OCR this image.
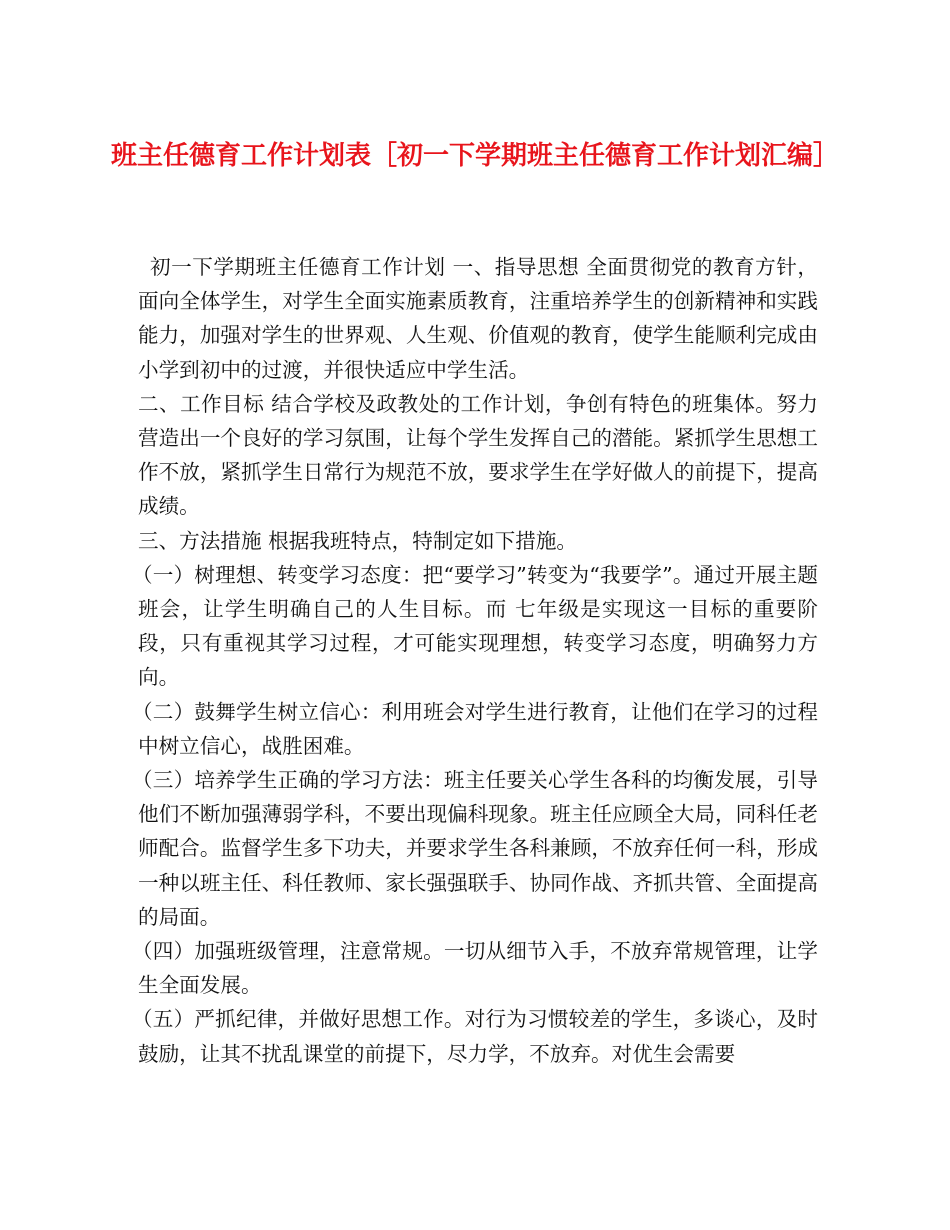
班主任德育工作计划表［初一下学期班主任德育工作计划汇编］

初一下学期班主任德育工作计划 一、指导思想 全面贯彻党的教育方针，面向全体学生，对学生全面实施素质教育，注重培养学生的创新精神和实践能力，加强对学生的世界观、人生观、价值观的教育，使学生能顺利完成由小学到初中的过渡，并很快适应中学生活。

二、工作目标 结合学校及政教处的工作计划，争创有特色的班集体。努力营造出一个良好的学习氛围，让每个学生发挥自己的潜能。紧抓学生思想工作不放，紧抓学生日常行为规范不放，要求学生在学好做人的前提下，提高成绩。

三、方法措施 根据我班特点，特制定如下措施。

（一）树理想、转变学习态度：把“要学习”转变为“我要学”。通过开展主题班会，让学生明确自己的人生目标。而 七年级是实现这一目标的重要阶段，只有重视其学习过程，才可能实现理想，转变学习态度，明确努力方向。

（二）鼓舞学生树立信心：利用班会对学生进行教育，让他们在学习的过程中树立信心，战胜困难。

（三）培养学生正确的学习方法：班主任要关心学生各科的均衡发展，引导他们不断加强薄弱学科，不要出现偏科现象。班主任应顾全大局，同科任老师配合。监督学生多下功夫，并要求学生各科兼顾，不放弃任何一科，形成一种以班主任、科任教师、家长强强联手、协同作战、齐抓共管、全面提高的局面。

（四）加强班级管理，注意常规。一切从细节入手，不放弃常规管理，让学生全面发展。

（五）严抓纪律，并做好思想工作。对行为习惯较差的学生，多谈心，及时鼓励，让其不扰乱课堂的前提下，尽力学，不放弃。对优生会需要
